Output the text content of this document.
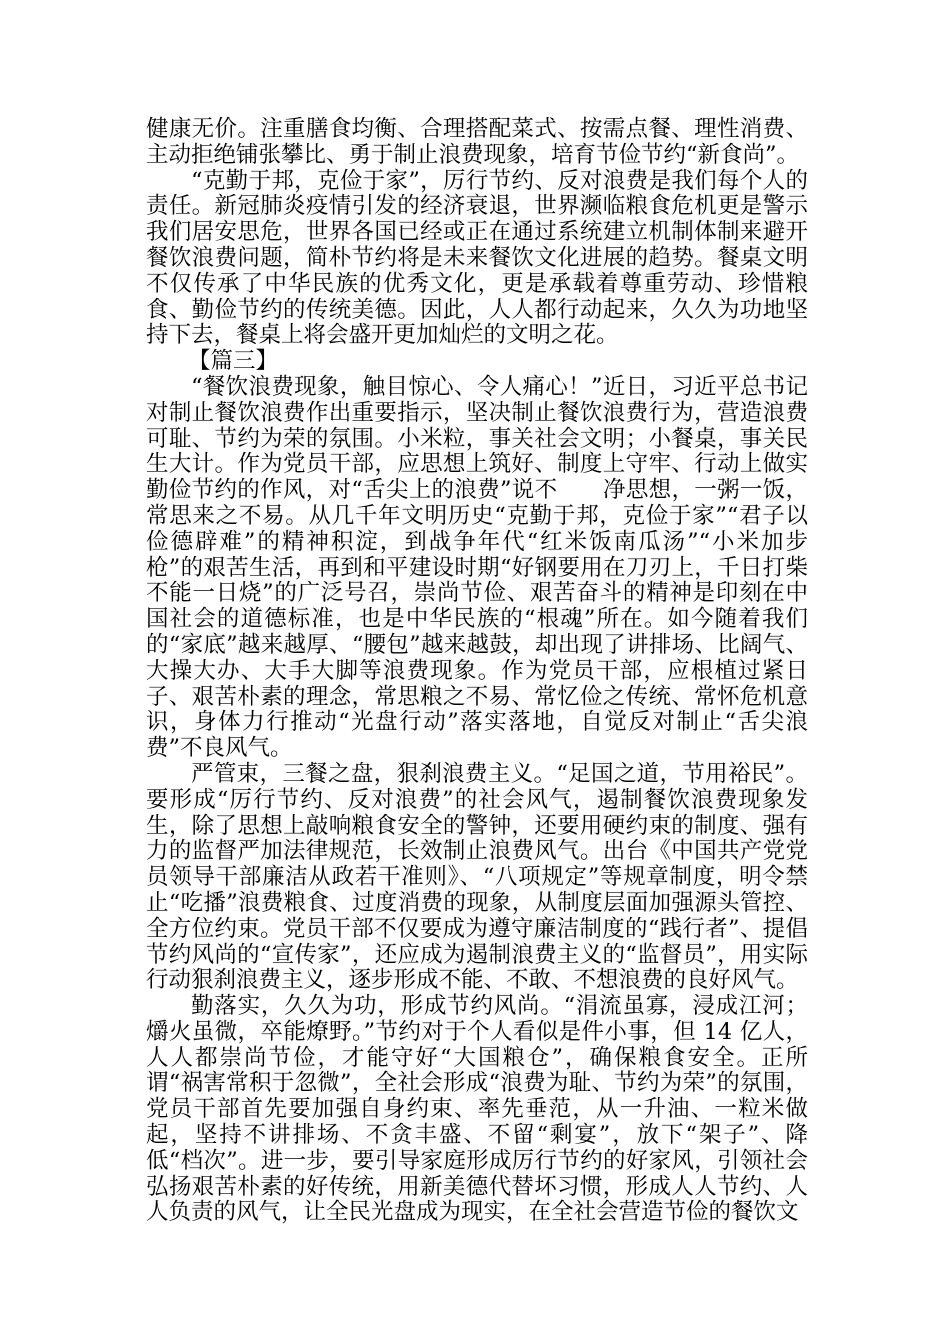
健康无价。注重膳食均衡、合理搭配菜式、按需点餐、理性消费、主动拒绝铺张攀比、勇于制止浪费现象，培育节俭节约“新食尚”。

“克勤于邦，克俭于家”，厉行节约、反对浪费是我们每个人的责任。新冠肺炎疫情引发的经济衰退，世界濒临粮食危机更是警示我们居安思危，世界各国已经或正在通过系统建立机制体制来避开餐饮浪费问题，简朴节约将是未来餐饮文化进展的趋势。餐桌文明不仅传承了中华民族的优秀文化，更是承载着尊重劳动、珍惜粮食、勤俭节约的传统美德。因此，人人都行动起来，久久为功地坚持下去，餐桌上将会盛开更加灿烂的文明之花。

【篇三】

“餐饮浪费现象，触目惊心、令人痛心！”近日，习近平总书记对制止餐饮浪费作出重要指示，坚决制止餐饮浪费行为，营造浪费可耻、节约为荣的氛围。小米粒，事关社会文明；小餐桌，事关民生大计。作为党员干部，应思想上筑好、制度上守牢、行动上做实勤俭节约的作风，对“舌尖上的浪费”说不　　净思想，一粥一饭，常思来之不易。从几千年文明历史“克勤于邦，克俭于家”“君子以俭德辟难”的精神积淀，到战争年代“红米饭南瓜汤”“小米加步枪”的艰苦生活，再到和平建设时期“好钢要用在刀刃上，千日打柴不能一日烧”的广泛号召，崇尚节俭、艰苦奋斗的精神是印刻在中国社会的道德标准，也是中华民族的“根魂”所在。如今随着我们的“家底”越来越厚、“腰包”越来越鼓，却出现了讲排场、比阔气、大操大办、大手大脚等浪费现象。作为党员干部，应根植过紧日子、艰苦朴素的理念，常思粮之不易、常忆俭之传统、常怀危机意识，身体力行推动“光盘行动”落实落地，自觉反对制止“舌尖浪费”不良风气。

严管束，三餐之盘，狠刹浪费主义。“足国之道，节用裕民”。要形成“厉行节约、反对浪费”的社会风气，遏制餐饮浪费现象发生，除了思想上敲响粮食安全的警钟，还要用硬约束的制度、强有力的监督严加法律规范，长效制止浪费风气。出台《中国共产党党员领导干部廉洁从政若干准则》、“八项规定”等规章制度，明令禁止“吃播”浪费粮食、过度消费的现象，从制度层面加强源头管控、全方位约束。党员干部不仅要成为遵守廉洁制度的“践行者”、提倡节约风尚的“宣传家”，还应成为遏制浪费主义的“监督员”，用实际行动狠刹浪费主义，逐步形成不能、不敢、不想浪费的良好风气。

勤落实，久久为功，形成节约风尚。“涓流虽寡，浸成江河；爝火虽微，卒能燎野。”节约对于个人看似是件小事，但 14 亿人，人人都崇尚节俭，才能守好“大国粮仓”，确保粮食安全。正所谓“祸害常积于忽微”，全社会形成“浪费为耻、节约为荣”的氛围，党员干部首先要加强自身约束、率先垂范，从一升油、一粒米做起，坚持不讲排场、不贪丰盛、不留“剩宴”，放下“架子”、降低“档次”。进一步，要引导家庭形成厉行节约的好家风，引领社会弘扬艰苦朴素的好传统，用新美德代替坏习惯，形成人人节约、人人负责的风气，让全民光盘成为现实，在全社会营造节俭的餐饮文
